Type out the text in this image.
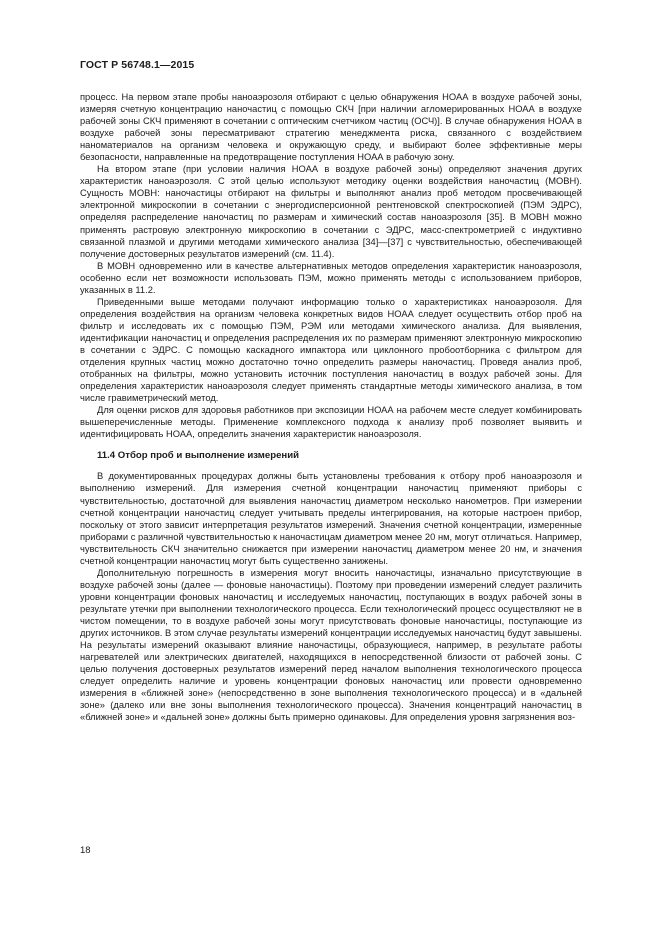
ГОСТ Р 56748.1—2015

процесс. На первом этапе пробы наноаэрозоля отбирают с целью обнаружения НОАА в воздухе рабочей зоны, измеряя счетную концентрацию наночастиц с помощью СКЧ [при наличии агломерированных НОАА в воздухе рабочей зоны СКЧ применяют в сочетании с оптическим счетчиком частиц (ОСЧ)]. В случае обнаружения НОАА в воздухе рабочей зоны пересматривают стратегию менеджмента риска, связанного с воздействием наноматериалов на организм человека и окружающую среду, и выбирают более эффективные меры безопасности, направленные на предотвращение поступления НОАА в рабочую зону.

На втором этапе (при условии наличия НОАА в воздухе рабочей зоны) определяют значения других характеристик наноаэрозоля. С этой целью используют методику оценки воздействия наночастиц (МОВН). Сущность МОВН: наночастицы отбирают на фильтры и выполняют анализ проб методом просвечивающей электронной микроскопии в сочетании с энергодисперсионной рентгеновской спектроскопией (ПЭМ ЭДРС), определяя распределение наночастиц по размерам и химический состав наноаэрозоля [35]. В МОВН можно применять растровую электронную микроскопию в сочетании с ЭДРС, масс-спектрометрией с индуктивно связанной плазмой и другими методами химического анализа [34]—[37] с чувствительностью, обеспечивающей получение достоверных результатов измерений (см. 11.4).

В МОВН одновременно или в качестве альтернативных методов определения характеристик наноаэрозоля, особенно если нет возможности использовать ПЭМ, можно применять методы с использованием приборов, указанных в 11.2.

Приведенными выше методами получают информацию только о характеристиках наноаэрозоля. Для определения воздействия на организм человека конкретных видов НОАА следует осуществить отбор проб на фильтр и исследовать их с помощью ПЭМ, РЭМ или методами химического анализа. Для выявления, идентификации наночастиц и определения распределения их по размерам применяют электронную микроскопию в сочетании с ЭДРС. С помощью каскадного импактора или циклонного пробоотборника с фильтром для отделения крупных частиц можно достаточно точно определить размеры наночастиц. Проведя анализ проб, отобранных на фильтры, можно установить источник поступления наночастиц в воздух рабочей зоны. Для определения характеристик наноаэрозоля следует применять стандартные методы химического анализа, в том числе гравиметрический метод.

Для оценки рисков для здоровья работников при экспозиции НОАА на рабочем месте следует комбинировать вышеперечисленные методы. Применение комплексного подхода к анализу проб позволяет выявить и идентифицировать НОАА, определить значения характеристик наноаэрозоля.

11.4 Отбор проб и выполнение измерений

В документированных процедурах должны быть установлены требования к отбору проб наноаэрозоля и выполнению измерений. Для измерения счетной концентрации наночастиц применяют приборы с чувствительностью, достаточной для выявления наночастиц диаметром несколько нанометров. При измерении счетной концентрации наночастиц следует учитывать пределы интегрирования, на которые настроен прибор, поскольку от этого зависит интерпретация результатов измерений. Значения счетной концентрации, измеренные приборами с различной чувствительностью к наночастицам диаметром менее 20 нм, могут отличаться. Например, чувствительность СКЧ значительно снижается при измерении наночастиц диаметром менее 20 нм, и значения счетной концентрации наночастиц могут быть существенно занижены.

Дополнительную погрешность в измерения могут вносить наночастицы, изначально присутствующие в воздухе рабочей зоны (далее — фоновые наночастицы). Поэтому при проведении измерений следует различить уровни концентрации фоновых наночастиц и исследуемых наночастиц, поступающих в воздух рабочей зоны в результате утечки при выполнении технологического процесса. Если технологический процесс осуществляют не в чистом помещении, то в воздухе рабочей зоны могут присутствовать фоновые наночастицы, поступающие из других источников. В этом случае результаты измерений концентрации исследуемых наночастиц будут завышены. На результаты измерений оказывают влияние наночастицы, образующиеся, например, в результате работы нагревателей или электрических двигателей, находящихся в непосредственной близости от рабочей зоны. С целью получения достоверных результатов измерений перед началом выполнения технологического процесса следует определить наличие и уровень концентрации фоновых наночастиц или провести одновременно измерения в «ближней зоне» (непосредственно в зоне выполнения технологического процесса) и в «дальней зоне» (далеко или вне зоны выполнения технологического процесса). Значения концентраций наночастиц в «ближней зоне» и «дальней зоне» должны быть примерно одинаковы. Для определения уровня загрязнения воз-

18
